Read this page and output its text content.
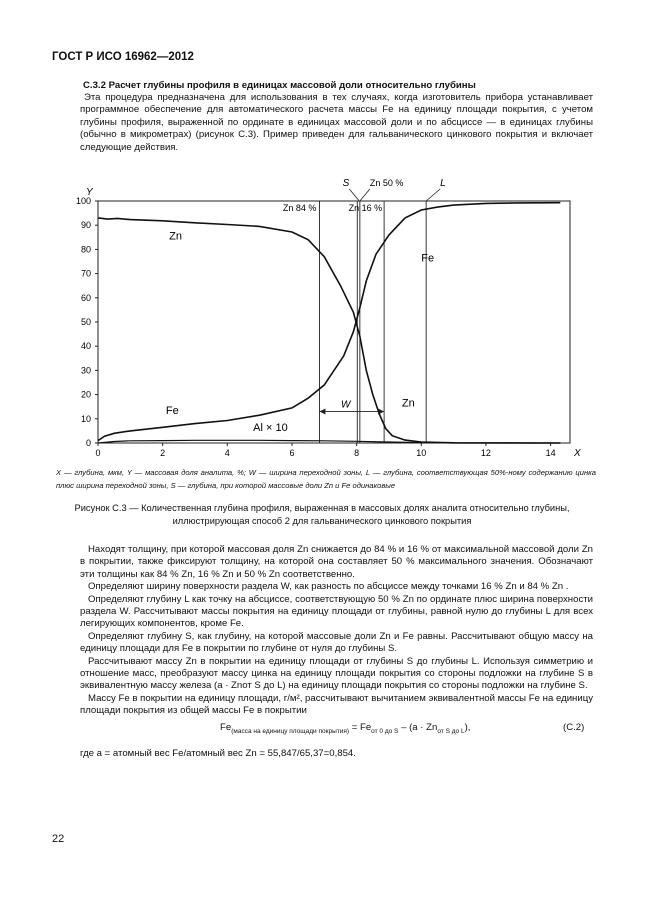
ГОСТ Р ИСО 16962—2012
С.3.2 Расчет глубины профиля в единицах массовой доли относительно глубины
Эта процедура предназначена для использования в тех случаях, когда изготовитель прибора устанавливает программное обеспечение для автоматического расчета массы Fe на единицу площади покрытия, с учетом глубины профиля, выраженной по ординате в единицах массовой доли и по абсциссе — в единицах глубины (обычно в микрометрах) (рисунок С.3). Пример приведен для гальванического цинкового покрытия и включает следующие действия.
0
10
20
30
40
50
60
70
80
90
100
0	2	4	6	8	10	12	14
Y
X
Zn 84 %	Zn 16 %
S Zn 50 %	L
W
Zn
Fe
Fe
Zn
Al × 10
X — глубина, мкм, Y — массовая доля аналита, %; W — ширина переходной зоны, L — глубина, соответствующая 50%-ному содержанию цинка плюс ширина переходной зоны, S — глубина, при которой массовые доли Zn и Fe одинаковые
Рисунок С.3 — Количественная глубина профиля, выраженная в массовых долях аналита относительно глубины, иллюстрирующая способ 2 для гальванического цинкового покрытия

Находят толщину, при которой массовая доля Zn снижается до 84 % и 16 % от максимальной массовой доли Zn в покрытии, также фиксируют толщину, на которой она составляет 50 % максимального значения. Обозначают эти толщины как 84 % Zn, 16 % Zn и 50 % Zn соответственно.

Определяют ширину поверхности раздела W, как разность по абсциссе между точками 16 % Zn и 84 % Zn .

Определяют глубину L как точку на абсциссе, соответствующую 50 % Zn по ординате плюс ширина поверхности раздела W. Рассчитывают массы покрытия на единицу площади от глубины, равной нулю до глубины L для всех легирующих компонентов, кроме Fe.

Определяют глубину S, как глубину, на которой массовые доли Zn и Fe равны. Рассчитывают общую массу на единицу площади для Fe в покрытии по глубине от нуля до глубины S.

Рассчитывают массу Zn в покрытии на единицу площади от глубины S до глубины L. Используя симметрию и отношение масс, преобразуют массу цинка на единицу площади покрытия со стороны подложки на глубине S в эквивалентную массу железа (a · Znот S до L) на единицу площади покрытия со стороны подложки на глубине S.

Массу Fe в покрытии на единицу площади, г/м², рассчитывают вычитанием эквивалентной массы Fe на единицу площади покрытия из общей массы Fe в покрытии

$Fe_{(масса на единицу площади покрытия)} = Fe_{от 0 до S} - (a \cdot Zn_{от S до L})$,	(С.2)
где a = атомный вес Fe/атомный вес Zn = 55,847/65,37=0,854.
22
